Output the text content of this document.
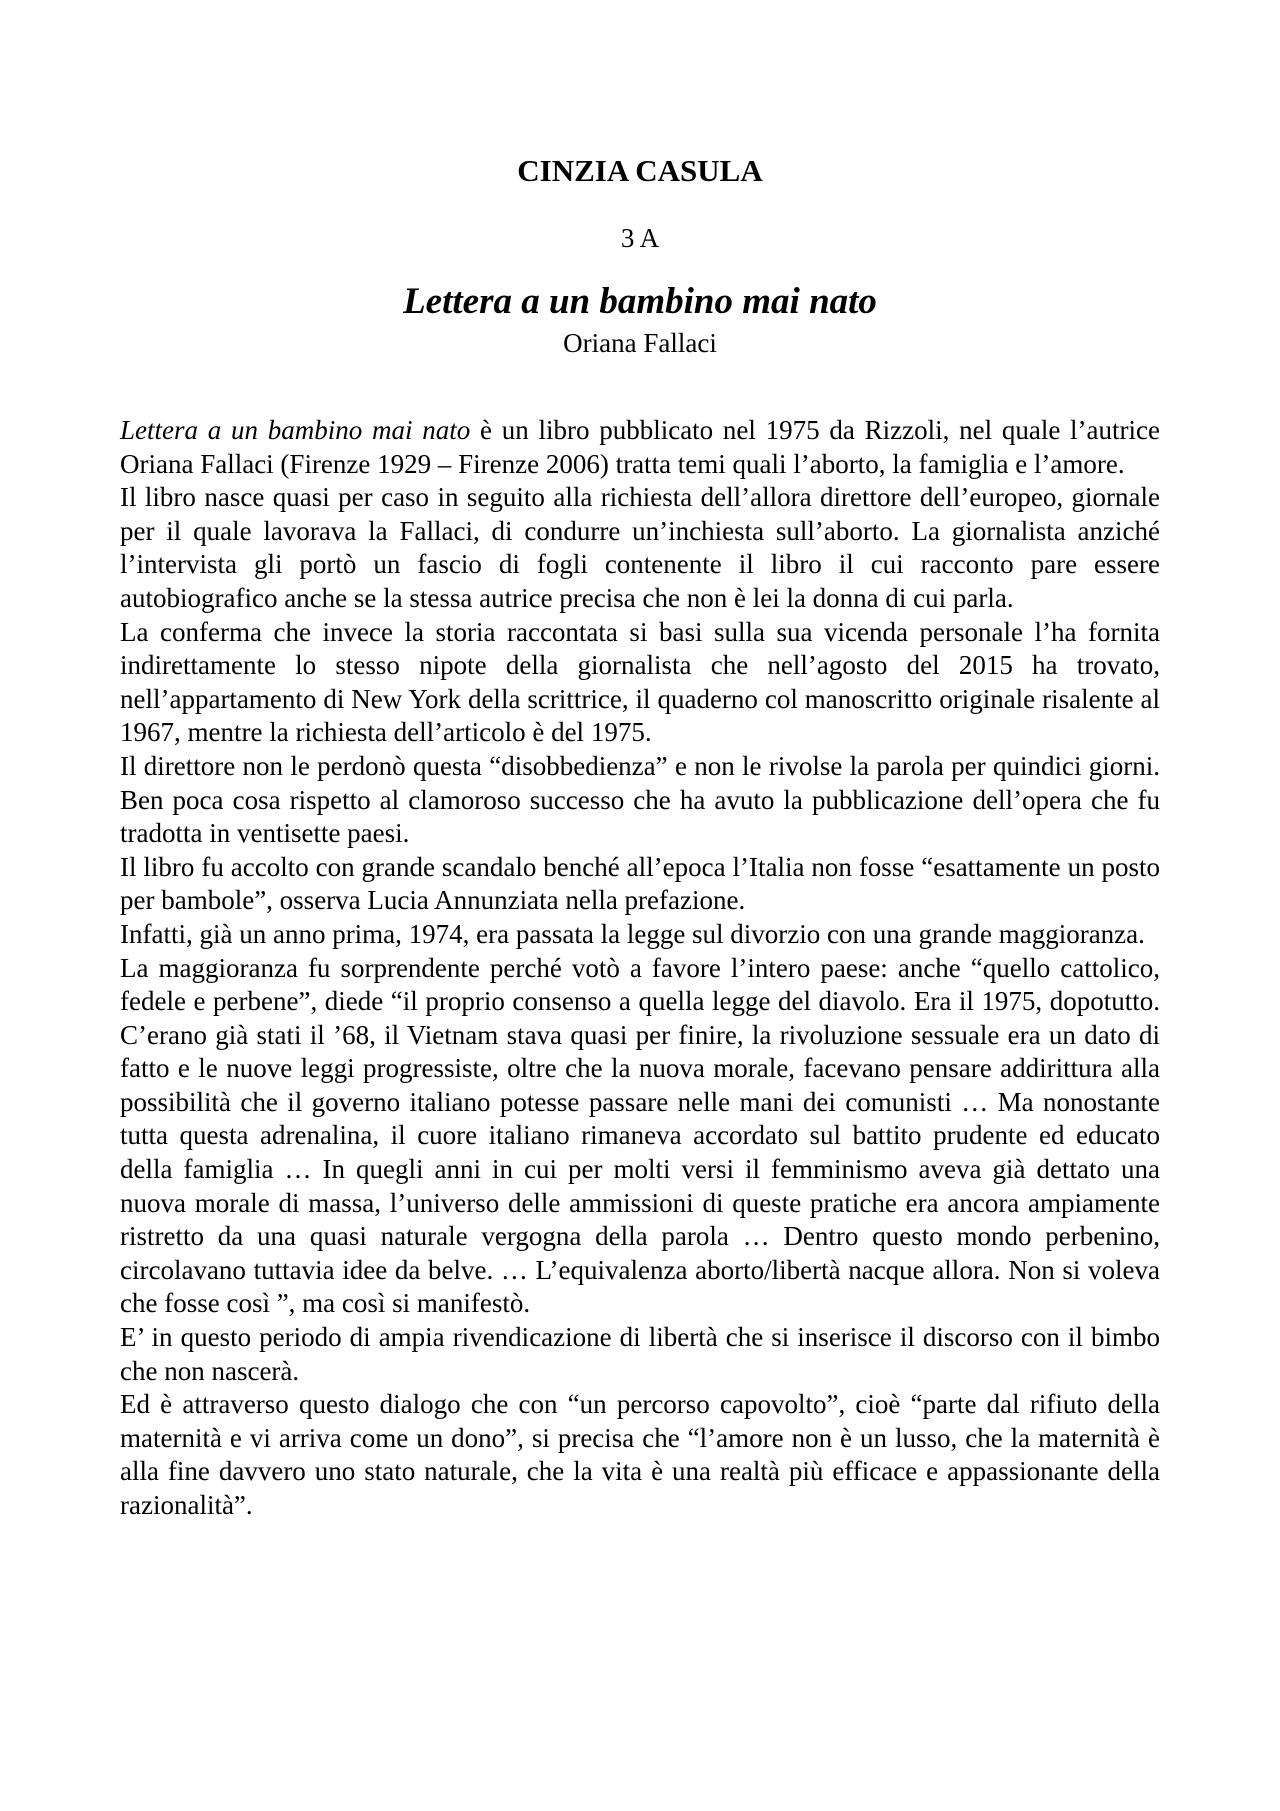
CINZIA CASULA
3 A
Lettera a un bambino mai nato
Oriana Fallaci

Lettera a un bambino mai nato è un libro pubblicato nel 1975 da Rizzoli, nel quale l’autrice Oriana Fallaci (Firenze 1929 – Firenze 2006) tratta temi quali l’aborto, la famiglia e l’amore.

Il libro nasce quasi per caso in seguito alla richiesta dell’allora direttore dell’europeo, giornale per il quale lavorava la Fallaci, di condurre un’inchiesta sull’aborto. La giornalista anziché l’intervista gli portò un fascio di fogli contenente il libro il cui racconto pare essere autobiografico anche se la stessa autrice precisa che non è lei la donna di cui parla.

La conferma che invece la storia raccontata si basi sulla sua vicenda personale l’ha fornita indirettamente lo stesso nipote della giornalista che nell’agosto del 2015 ha trovato, nell’appartamento di New York della scrittrice, il quaderno col manoscritto originale risalente al 1967, mentre la richiesta dell’articolo è del 1975.

Il direttore non le perdonò questa “disobbedienza” e non le rivolse la parola per quindici giorni. Ben poca cosa rispetto al clamoroso successo che ha avuto la pubblicazione dell’opera che fu tradotta in ventisette paesi.

Il libro fu accolto con grande scandalo benché all’epoca l’Italia non fosse “esattamente un posto per bambole”, osserva Lucia Annunziata nella prefazione.

Infatti, già un anno prima, 1974, era passata la legge sul divorzio con una grande maggioranza.

La maggioranza fu sorprendente perché votò a favore l’intero paese: anche “quello cattolico, fedele e perbene”, diede “il proprio consenso a quella legge del diavolo. Era il 1975, dopotutto. C’erano già stati il ’68, il Vietnam stava quasi per finire, la rivoluzione sessuale era un dato di fatto e le nuove leggi progressiste, oltre che la nuova morale, facevano pensare addirittura alla possibilità che il governo italiano potesse passare nelle mani dei comunisti … Ma nonostante tutta questa adrenalina, il cuore italiano rimaneva accordato sul battito prudente ed educato della famiglia … In quegli anni in cui per molti versi il femminismo aveva già dettato una nuova morale di massa, l’universo delle ammissioni di queste pratiche era ancora ampiamente ristretto da una quasi naturale vergogna della parola … Dentro questo mondo perbenino, circolavano tuttavia idee da belve. … L’equivalenza aborto/libertà nacque allora. Non si voleva che fosse così ”, ma così si manifestò.

E’ in questo periodo di ampia rivendicazione di libertà che si inserisce il discorso con il bimbo che non nascerà.

Ed è attraverso questo dialogo che con “un percorso capovolto”, cioè “parte dal rifiuto della maternità e vi arriva come un dono”, si precisa che “l’amore non è un lusso, che la maternità è alla fine davvero uno stato naturale, che la vita è una realtà più efficace e appassionante della razionalità”.
